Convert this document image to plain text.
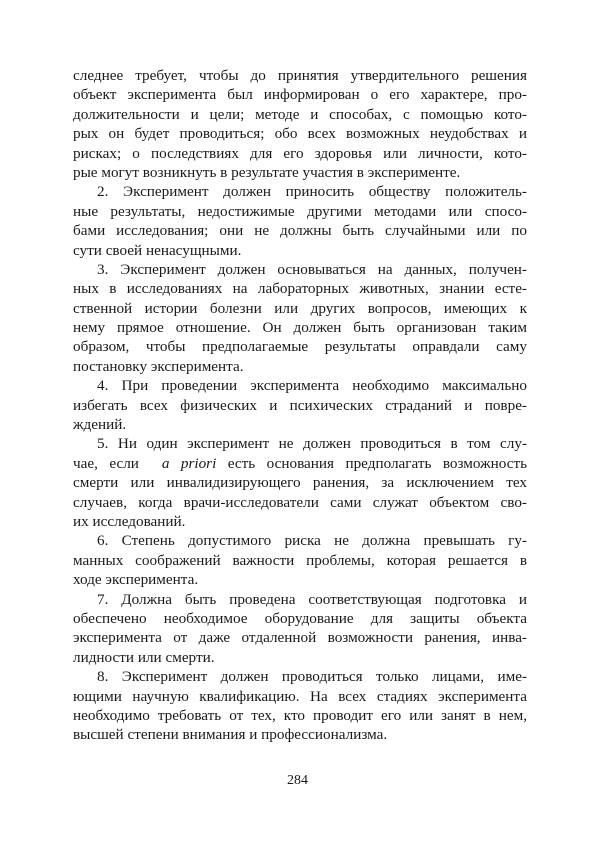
следнее требует, чтобы до принятия утвердительного решения
объект эксперимента был информирован о его характере, про-
должительности и цели; методе и способах, с помощью кото-
рых он будет проводиться; обо всех возможных неудобствах и
рисках; о последствиях для его здоровья или личности, кото-
рые могут возникнуть в результате участия в эксперименте.
2. Эксперимент должен приносить обществу положитель-
ные результаты, недостижимые другими методами или спосо-
бами исследования; они не должны быть случайными или по
сути своей ненасущными.
3. Эксперимент должен основываться на данных, получен-
ных в исследованиях на лабораторных животных, знании есте-
ственной истории болезни или других вопросов, имеющих к
нему прямое отношение. Он должен быть организован таким
образом, чтобы предполагаемые результаты оправдали саму
постановку эксперимента.
4. При проведении эксперимента необходимо максимально
избегать всех физических и психических страданий и повре-
ждений.
5. Ни один эксперимент не должен проводиться в том слу-
чае, если a priori есть основания предполагать возможность
смерти или инвалидизирующего ранения, за исключением тех
случаев, когда врачи-исследователи сами служат объектом сво-
их исследований.
6. Степень допустимого риска не должна превышать гу-
манных соображений важности проблемы, которая решается в
ходе эксперимента.
7. Должна быть проведена соответствующая подготовка и
обеспечено необходимое оборудование для защиты объекта
эксперимента от даже отдаленной возможности ранения, инва-
лидности или смерти.
8. Эксперимент должен проводиться только лицами, име-
ющими научную квалификацию. На всех стадиях эксперимента
необходимо требовать от тех, кто проводит его или занят в нем,
высшей степени внимания и профессионализма.
284
